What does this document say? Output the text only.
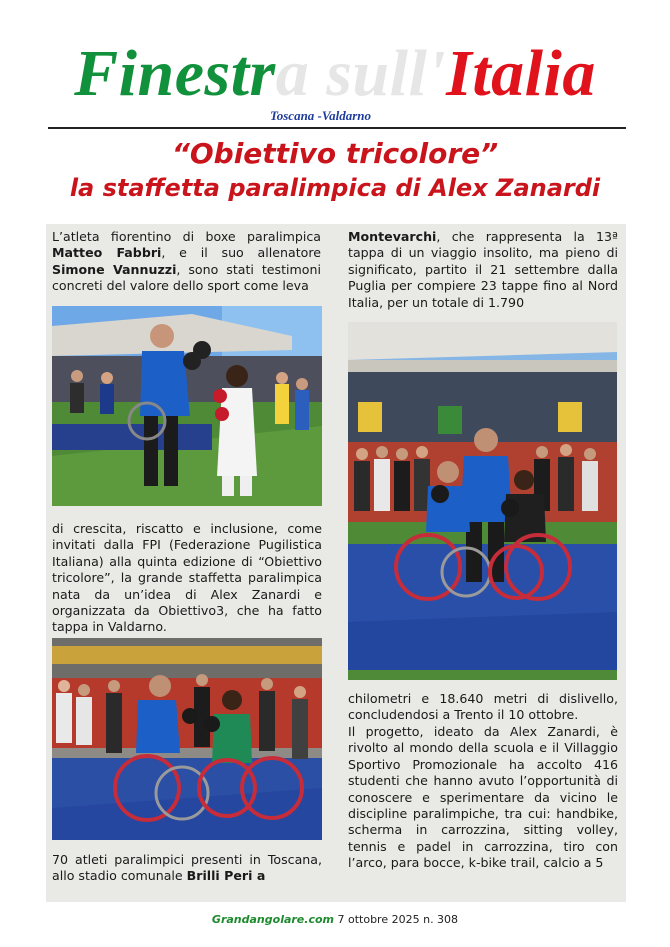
Finestra sull'Italia
Toscana -Valdarno
“Obiettivo tricolore”
la staffetta paralimpica di Alex Zanardi
L’atleta fiorentino di boxe paralimpica Matteo Fabbri, e il suo allenatore Simone Vannuzzi, sono stati testimoni concreti del valore dello sport come leva
di crescita, riscatto e inclusione, come invitati dalla FPI (Federazione Pugilistica Italiana) alla quinta edizione di “Obiettivo tricolore”, la grande staffetta paralimpica nata da un’idea di Alex Zanardi e organizzata da Obiettivo3, che ha fatto tappa in Valdarno.
70 atleti paralimpici presenti in Toscana, allo stadio comunale Brilli Peri a
Montevarchi, che rappresenta la 13ª tappa di un viaggio insolito, ma pieno di significato, partito il 21 settembre dalla Puglia per compiere 23 tappe fino al Nord Italia, per un totale di 1.790
chilometri e 18.640 metri di dislivello, concludendosi a Trento il 10 ottobre.
Il progetto, ideato da Alex Zanardi, è rivolto al mondo della scuola e il Villaggio Sportivo Promozionale ha accolto 416 studenti che hanno avuto l’opportunità di conoscere e sperimentare da vicino le discipline paralimpiche, tra cui: handbike, scherma in carrozzina, sitting volley, tennis e padel in carrozzina, tiro con l’arco, para bocce, k-bike trail, calcio a 5
Grandangolare.com 7 ottobre 2025 n. 308
